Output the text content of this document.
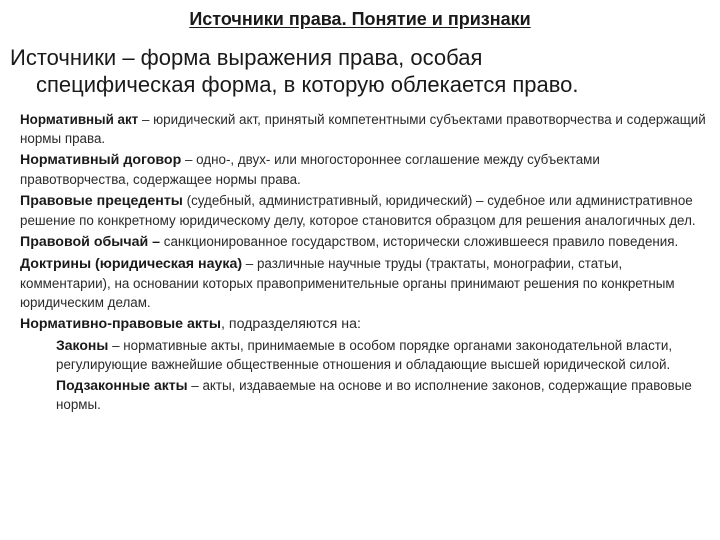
Источники права. Понятие и признаки
Источники – форма выражения права, особая
специфическая форма, в которую облекается право.
Нормативный акт – юридический акт, принятый компетентными субъектами правотворчества и содержащий нормы права.
Нормативный договор – одно-, двух- или многостороннее соглашение между субъектами правотворчества, содержащее нормы права.
Правовые прецеденты (судебный, административный, юридический) – судебное или административное решение по конкретному юридическому делу, которое становится образцом для решения аналогичных дел.
Правовой обычай – санкционированное государством, исторически сложившееся правило поведения.
Доктрины (юридическая наука) – различные научные труды (трактаты, монографии, статьи, комментарии), на основании которых правоприменительные органы принимают решения по конкретным юридическим делам.
Нормативно-правовые акты, подразделяются на:
Законы – нормативные акты, принимаемые в особом порядке органами законодательной власти, регулирующие важнейшие общественные отношения и обладающие высшей юридической силой.
Подзаконные акты – акты, издаваемые на основе и во исполнение законов, содержащие правовые нормы.
